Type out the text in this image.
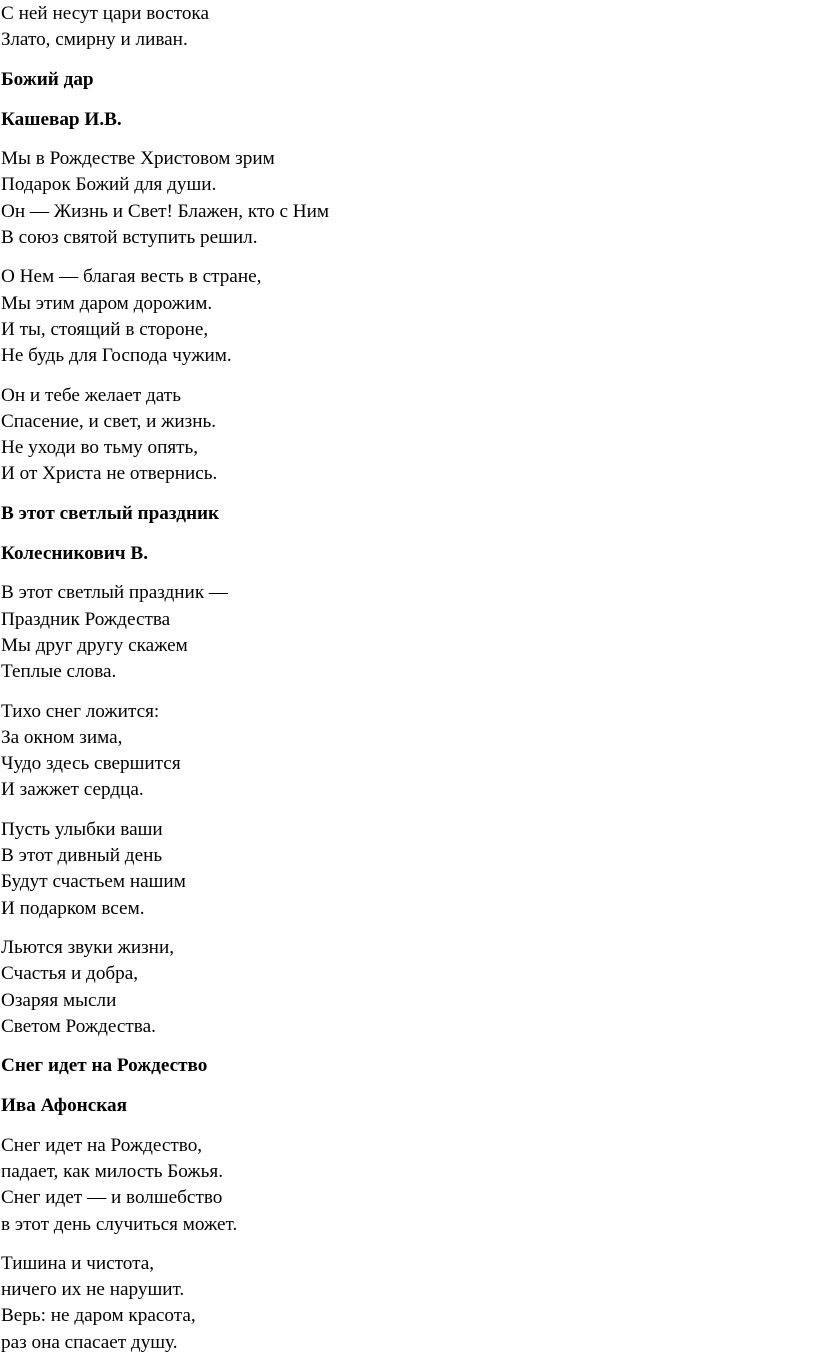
С ней несут цари востока
Злато, смирну и ливан.
Божий дар
Кашевар И.В.
Мы в Рождестве Христовом зрим
Подарок Божий для души.
Он — Жизнь и Свет! Блажен, кто с Ним
В союз святой вступить решил.
О Нем — благая весть в стране,
Мы этим даром дорожим.
И ты, стоящий в стороне,
Не будь для Господа чужим.
Он и тебе желает дать
Спасение, и свет, и жизнь.
Не уходи во тьму опять,
И от Христа не отвернись.
В этот светлый праздник
Колесникович В.
В этот светлый праздник —
Праздник Рождества
Мы друг другу скажем
Теплые слова.
Тихо снег ложится:
За окном зима,
Чудо здесь свершится
И зажжет сердца.
Пусть улыбки ваши
В этот дивный день
Будут счастьем нашим
И подарком всем.
Льются звуки жизни,
Счастья и добра,
Озаряя мысли
Светом Рождества.
Снег идет на Рождество
Ива Афонская
Снег идет на Рождество,
падает, как милость Божья.
Снег идет — и волшебство
в этот день случиться может.
Тишина и чистота,
ничего их не нарушит.
Верь: не даром красота,
раз она спасает душу.
